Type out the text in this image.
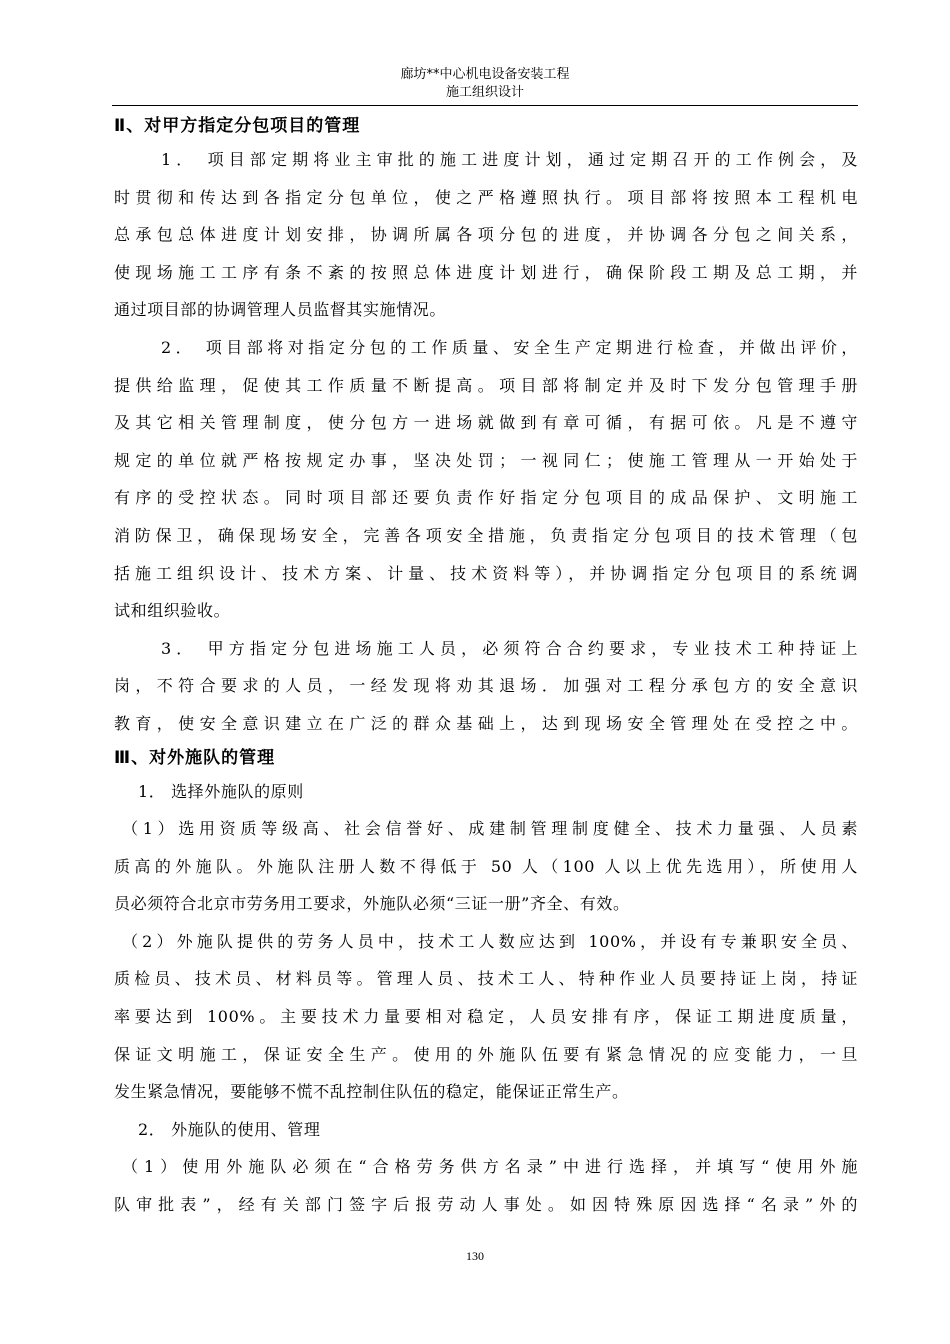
廊坊**中心机电设备安装工程
施工组织设计
Ⅱ、对甲方指定分包项目的管理
1． 项目部定期将业主审批的施工进度计划，通过定期召开的工作例会，及
时贯彻和传达到各指定分包单位，使之严格遵照执行。项目部将按照本工程机电
总承包总体进度计划安排，协调所属各项分包的进度，并协调各分包之间关系，
使现场施工工序有条不紊的按照总体进度计划进行，确保阶段工期及总工期，并
通过项目部的协调管理人员监督其实施情况。
2． 项目部将对指定分包的工作质量、安全生产定期进行检查，并做出评价，
提供给监理，促使其工作质量不断提高。项目部将制定并及时下发分包管理手册
及其它相关管理制度，使分包方一进场就做到有章可循，有据可依。凡是不遵守
规定的单位就严格按规定办事，坚决处罚；一视同仁；使施工管理从一开始处于
有序的受控状态。同时项目部还要负责作好指定分包项目的成品保护、文明施工
消防保卫，确保现场安全，完善各项安全措施，负责指定分包项目的技术管理（包
括施工组织设计、技术方案、计量、技术资料等），并协调指定分包项目的系统调
试和组织验收。
3． 甲方指定分包进场施工人员，必须符合合约要求，专业技术工种持证上
岗，不符合要求的人员，一经发现将劝其退场．加强对工程分承包方的安全意识
教育，使安全意识建立在广泛的群众基础上，达到现场安全管理处在受控之中。
Ⅲ、对外施队的管理
1． 选择外施队的原则
（1）选用资质等级高、社会信誉好、成建制管理制度健全、技术力量强、人员素
质高的外施队。外施队注册人数不得低于 50 人（100 人以上优先选用），所使用人
员必须符合北京市劳务用工要求，外施队必须“三证一册”齐全、有效。
（2）外施队提供的劳务人员中，技术工人数应达到 100%，并设有专兼职安全员、
质检员、技术员、材料员等。管理人员、技术工人、特种作业人员要持证上岗，持证
率要达到 100%。主要技术力量要相对稳定，人员安排有序，保证工期进度质量，
保证文明施工，保证安全生产。使用的外施队伍要有紧急情况的应变能力，一旦
发生紧急情况，要能够不慌不乱控制住队伍的稳定，能保证正常生产。
2． 外施队的使用、管理
（1）使用外施队必须在“合格劳务供方名录”中进行选择，并填写“使用外施
队审批表”，经有关部门签字后报劳动人事处。如因特殊原因选择“名录”外的
130
